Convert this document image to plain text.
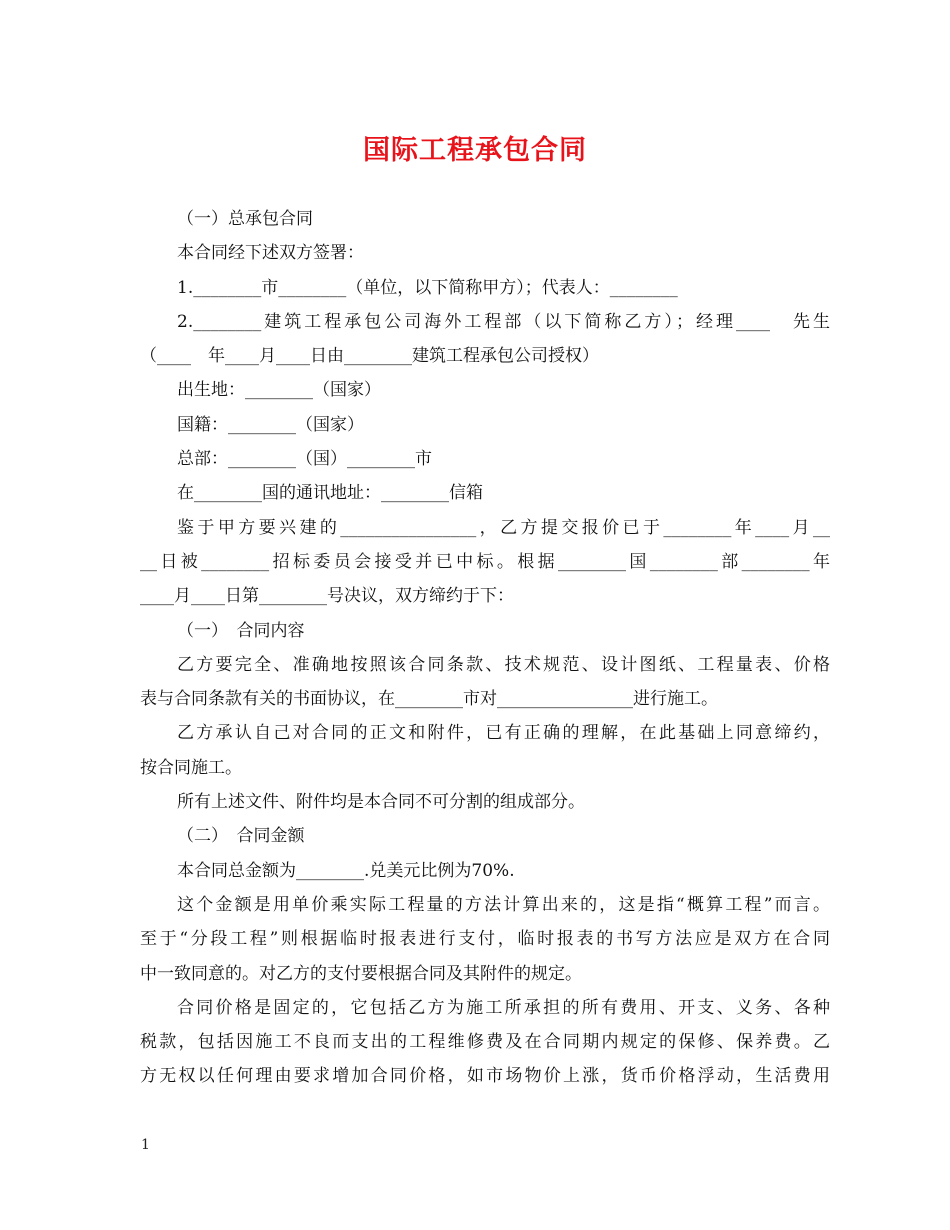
国际工程承包合同
（一）总承包合同
本合同经下述双方签署：
1.________市________（单位，以下简称甲方）；代表人：________
2.________建筑工程承包公司海外工程部（以下简称乙方）；经理____　先生
（____　年____月____日由________建筑工程承包公司授权）
出生地：________（国家）
国籍：________（国家）
总部：________（国）________市
在________国的通讯地址：________信箱
鉴于甲方要兴建的________________，乙方提交报价已于________年____月__
__日被________招标委员会接受并已中标。根据________国________部________年
____月____日第________号决议，双方缔约于下：
（一）　合同内容
乙方要完全、准确地按照该合同条款、技术规范、设计图纸、工程量表、价格
表与合同条款有关的书面协议，在________市对________________进行施工。
乙方承认自己对合同的正文和附件，已有正确的理解，在此基础上同意缔约，
按合同施工。
所有上述文件、附件均是本合同不可分割的组成部分。
（二）　合同金额
本合同总金额为________.兑美元比例为70%.
这个金额是用单价乘实际工程量的方法计算出来的，这是指“概算工程”而言。
至于“分段工程”则根据临时报表进行支付，临时报表的书写方法应是双方在合同
中一致同意的。对乙方的支付要根据合同及其附件的规定。
合同价格是固定的，它包括乙方为施工所承担的所有费用、开支、义务、各种
税款，包括因施工不良而支出的工程维修费及在合同期内规定的保修、保养费。乙
方无权以任何理由要求增加合同价格，如市场物价上涨，货币价格浮动，生活费用
1
